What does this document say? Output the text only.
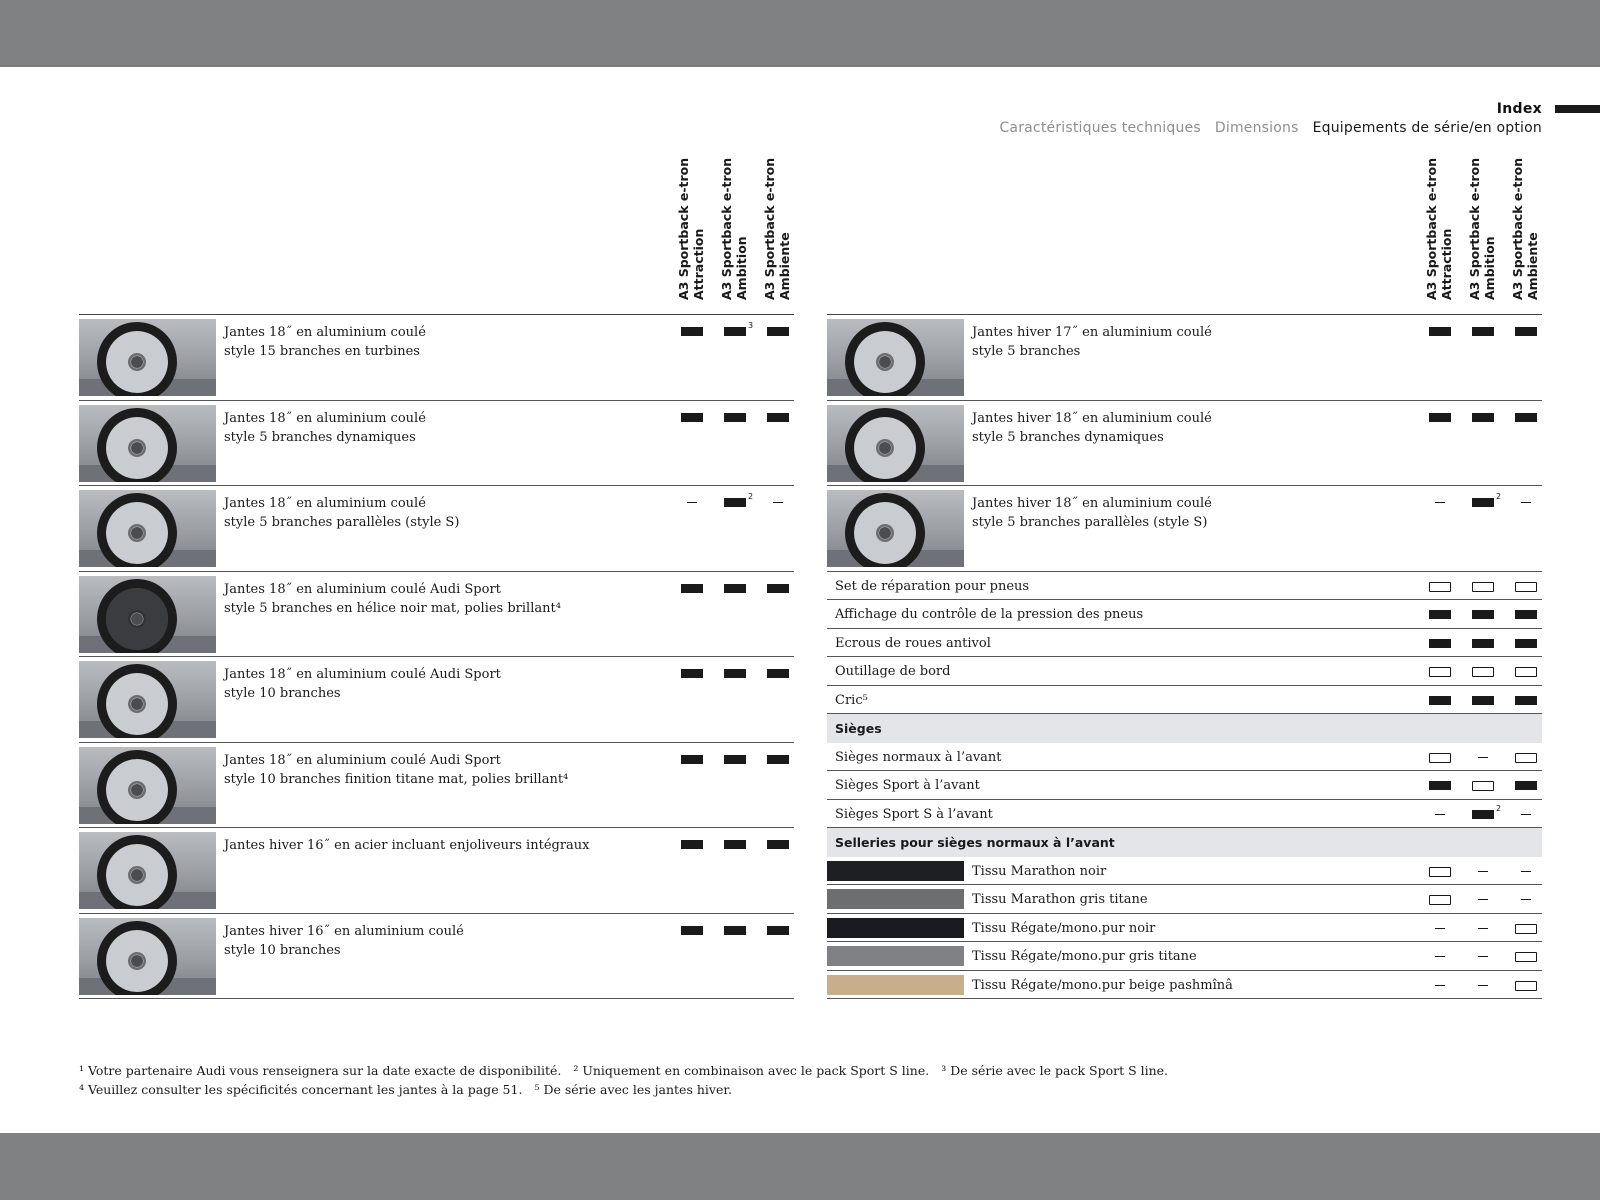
Index
Caractéristiques techniques Dimensions Equipements de série/en option
A3 Sportback e-tron Attraction A3 Sportback e-tron Ambition A3 Sportback e-tron Ambiente
Jantes 18˝ en aluminium coulé
style 15 branches en turbines
3
Jantes 18˝ en aluminium coulé
style 5 branches dynamiques
Jantes 18˝ en aluminium coulé
style 5 branches parallèles (style S)
2
Jantes 18˝ en aluminium coulé Audi Sport
style 5 branches en hélice noir mat, polies brillant⁴
Jantes 18˝ en aluminium coulé Audi Sport
style 10 branches
Jantes 18˝ en aluminium coulé Audi Sport
style 10 branches finition titane mat, polies brillant⁴
Jantes hiver 16˝ en acier incluant enjoliveurs intégraux
Jantes hiver 16˝ en aluminium coulé
style 10 branches
A3 Sportback e-tron Attraction A3 Sportback e-tron Ambition A3 Sportback e-tron Ambiente
Jantes hiver 17˝ en aluminium coulé
style 5 branches
Jantes hiver 18˝ en aluminium coulé
style 5 branches dynamiques
Jantes hiver 18˝ en aluminium coulé
style 5 branches parallèles (style S)
2
Set de réparation pour pneus
Affichage du contrôle de la pression des pneus
Ecrous de roues antivol
Outillage de bord
Cric⁵
Sièges
Sièges normaux à l’avant
Sièges Sport à l’avant
Sièges Sport S à l’avant	2
Selleries pour sièges normaux à l’avant
Tissu Marathon noir
Tissu Marathon gris titane
Tissu Régate/mono.pur noir
Tissu Régate/mono.pur gris titane
Tissu Régate/mono.pur beige pashmînâ
¹ Votre partenaire Audi vous renseignera sur la date exacte de disponibilité. ² Uniquement en combinaison avec le pack Sport S line. ³ De série avec le pack Sport S line.
⁴ Veuillez consulter les spécificités concernant les jantes à la page 51. ⁵ De série avec les jantes hiver.
